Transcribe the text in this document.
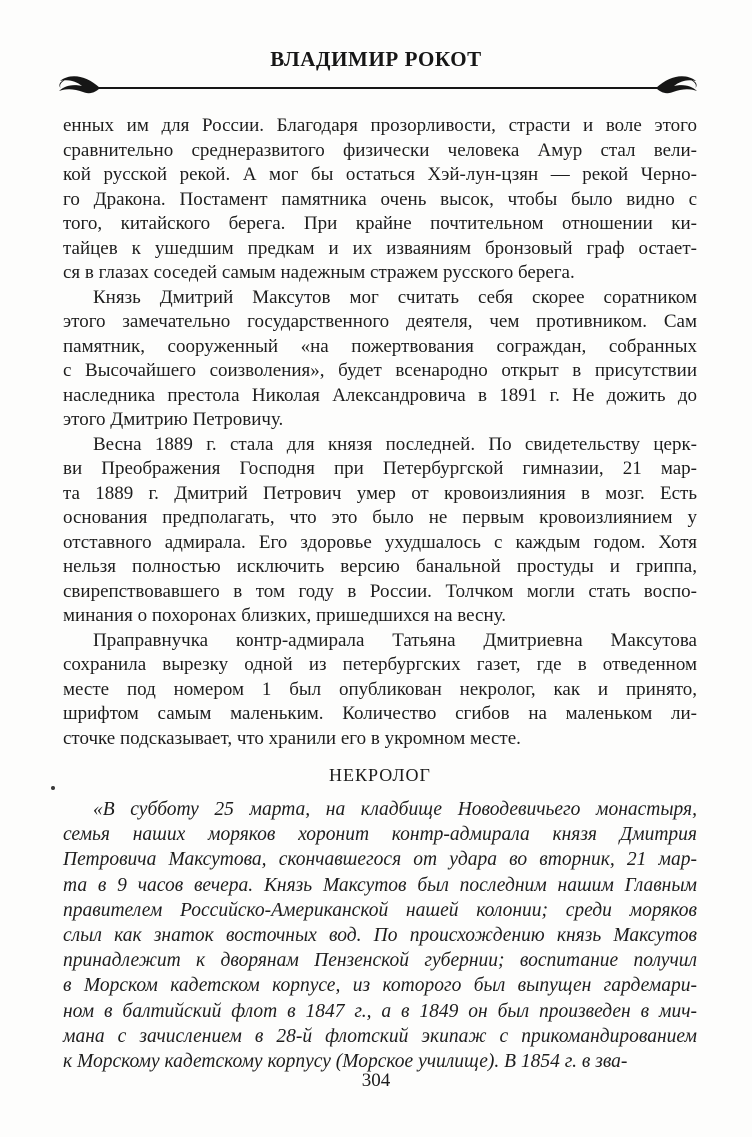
ВЛАДИМИР РОКОТ
енных им для России. Благодаря прозорливости, страсти и воле этого
сравнительно среднеразвитого физически человека Амур стал вели-
кой русской рекой. А мог бы остаться Хэй-лун-цзян — рекой Черно-
го Дракона. Постамент памятника очень высок, чтобы было видно с
того, китайского берега. При крайне почтительном отношении ки-
тайцев к ушедшим предкам и их изваяниям бронзовый граф остает-
ся в глазах соседей самым надежным стражем русского берега.
Князь Дмитрий Максутов мог считать себя скорее соратником
этого замечательно государственного деятеля, чем противником. Сам
памятник, сооруженный «на пожертвования сограждан, собранных
с Высочайшего соизволения», будет всенародно открыт в присутствии
наследника престола Николая Александровича в 1891 г. Не дожить до
этого Дмитрию Петровичу.
Весна 1889 г. стала для князя последней. По свидетельству церк-
ви Преображения Господня при Петербургской гимназии, 21 мар-
та 1889 г. Дмитрий Петрович умер от кровоизлияния в мозг. Есть
основания предполагать, что это было не первым кровоизлиянием у
отставного адмирала. Его здоровье ухудшалось с каждым годом. Хотя
нельзя полностью исключить версию банальной простуды и гриппа,
свирепствовавшего в том году в России. Толчком могли стать воспо-
минания о похоронах близких, пришедшихся на весну.
Праправнучка контр-адмирала Татьяна Дмитриевна Максутова
сохранила вырезку одной из петербургских газет, где в отведенном
месте под номером 1 был опубликован некролог, как и принято,
шрифтом самым маленьким. Количество сгибов на маленьком ли-
сточке подсказывает, что хранили его в укромном месте.
НЕКРОЛОГ
«В субботу 25 марта, на кладбище Новодевичьего монастыря,
семья наших моряков хоронит контр-адмирала князя Дмитрия
Петровича Максутова, скончавшегося от удара во вторник, 21 мар-
та в 9 часов вечера. Князь Максутов был последним нашим Главным
правителем Российско-Американской нашей колонии; среди моряков
слыл как знаток восточных вод. По происхождению князь Максутов
принадлежит к дворянам Пензенской губернии; воспитание получил
в Морском кадетском корпусе, из которого был выпущен гардемари-
ном в балтийский флот в 1847 г., а в 1849 он был произведен в мич-
мана с зачислением в 28-й флотский экипаж с прикомандированием
к Морскому кадетскому корпусу (Морское училище). В 1854 г. в зва-
304
